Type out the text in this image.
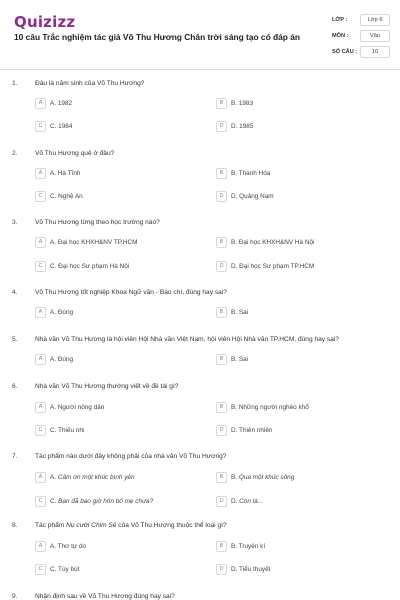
Quizizz
10 câu Trắc nghiệm tác giả Võ Thu Hương Chân trời sáng tạo có đáp án
LỚP :	Lớp 6
MÔN :	Văn
SỐ CÂU :	10
1.	Đâu là năm sinh của Võ Thu Hương?
A	A. 1982	B	B. 1983
C	C. 1984	D	D. 1985
2.	Võ Thu Hương quê ở đâu?
A	A. Hà Tĩnh	B	B. Thanh Hóa
C	C. Nghệ An	D	D. Quảng Nam
3.	Võ Thu Hương từng theo học trường nào?
A	A. Đại học KHXH&NV TP.HCM	B	B. Đại học KHXH&NV Hà Nội
C	C. Đại học Sư phạm Hà Nội	D	D. Đại học Sư phạm TP.HCM
4.	Võ Thu Hương tốt nghiệp Khoa Ngữ văn - Báo chí, đúng hay sai?
A	A. Đúng	B	B. Sai
5.	Nhà văn Võ Thu Hương là hội viên Hội Nhà văn Việt Nam, hội viên Hội Nhà văn TP.HCM, đúng hay sai?
A	A. Đúng	B	B. Sai
6.	Nhà văn Võ Thu Hương thường viết về đề tài gì?
A	A. Người nông dân	B	B. Những người nghèo khổ
C	C. Thiếu nhi	D	D. Thiên nhiên
7.	Tác phẩm nào dưới đây không phải của nhà văn Võ Thu Hương?
A	A. Cảm ơn một khúc bình yên	B	B. Qua một khúc sông
C	C. Bạn đã bao giờ hôn bố mẹ chưa?	D	D. Con là...
8.	Tác phẩm Nụ cười Chim Sẻ của Võ Thu Hương thuộc thể loại gì?
A	A. Thơ tự do	B	B. Truyện kí
C	C. Tùy bút	D	D. Tiểu thuyết
9.	Nhận định sau về Võ Thu Hương đúng hay sai?
